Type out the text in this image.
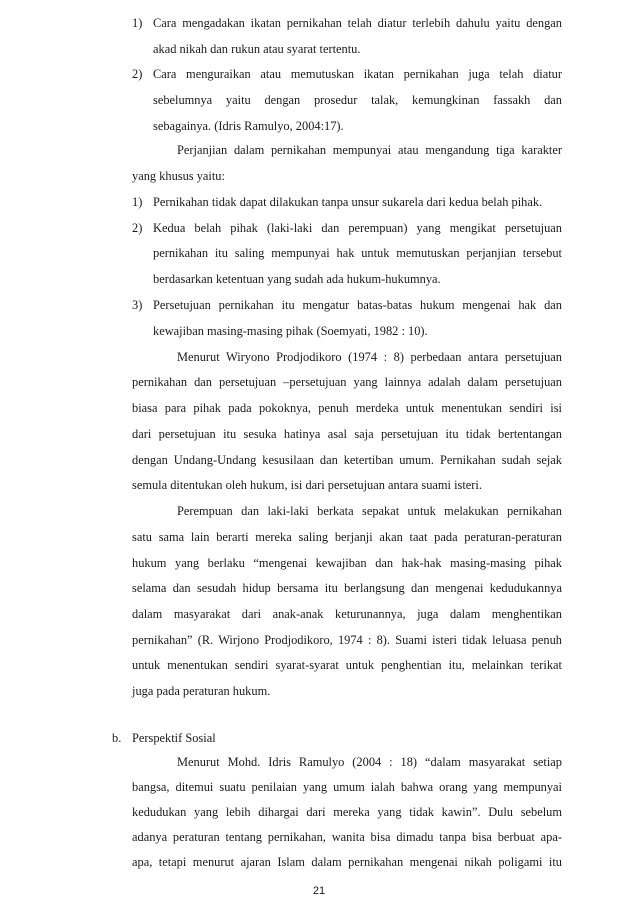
1) Cara mengadakan ikatan pernikahan telah diatur terlebih dahulu yaitu dengan
akad nikah dan rukun atau syarat tertentu.
2) Cara menguraikan atau memutuskan ikatan pernikahan juga telah diatur
sebelumnya yaitu dengan prosedur talak, kemungkinan fassakh dan
sebagainya. (Idris Ramulyo, 2004:17).
Perjanjian dalam pernikahan mempunyai atau mengandung tiga karakter
yang khusus yaitu:
1) Pernikahan tidak dapat dilakukan tanpa unsur sukarela dari kedua belah pihak.
2) Kedua belah pihak (laki-laki dan perempuan) yang mengikat persetujuan
pernikahan itu saling mempunyai hak untuk memutuskan perjanjian tersebut
berdasarkan ketentuan yang sudah ada hukum-hukumnya.
3) Persetujuan pernikahan itu mengatur batas-batas hukum mengenai hak dan
kewajiban masing-masing pihak (Soemyati, 1982 : 10).
Menurut Wiryono Prodjodikoro (1974 : 8) perbedaan antara persetujuan
pernikahan dan persetujuan –persetujuan yang lainnya adalah dalam persetujuan
biasa para pihak pada pokoknya, penuh merdeka untuk menentukan sendiri isi
dari persetujuan itu sesuka hatinya asal saja persetujuan itu tidak bertentangan
dengan Undang-Undang kesusilaan dan ketertiban umum. Pernikahan sudah sejak
semula ditentukan oleh hukum, isi dari persetujuan antara suami isteri.
Perempuan dan laki-laki berkata sepakat untuk melakukan pernikahan
satu sama lain berarti mereka saling berjanji akan taat pada peraturan-peraturan
hukum yang berlaku “mengenai kewajiban dan hak-hak masing-masing pihak
selama dan sesudah hidup bersama itu berlangsung dan mengenai kedudukannya
dalam masyarakat dari anak-anak keturunannya, juga dalam menghentikan
pernikahan” (R. Wirjono Prodjodikoro, 1974 : 8). Suami isteri tidak leluasa penuh
untuk menentukan sendiri syarat-syarat untuk penghentian itu, melainkan terikat
juga pada peraturan hukum.
b. Perspektif Sosial
21
Menurut Mohd. Idris Ramulyo (2004 : 18) “dalam masyarakat setiap
bangsa, ditemui suatu penilaian yang umum ialah bahwa orang yang mempunyai
kedudukan yang lebih dihargai dari mereka yang tidak kawin”. Dulu sebelum
adanya peraturan tentang pernikahan, wanita bisa dimadu tanpa bisa berbuat apa-
apa, tetapi menurut ajaran Islam dalam pernikahan mengenai nikah poligami itu
